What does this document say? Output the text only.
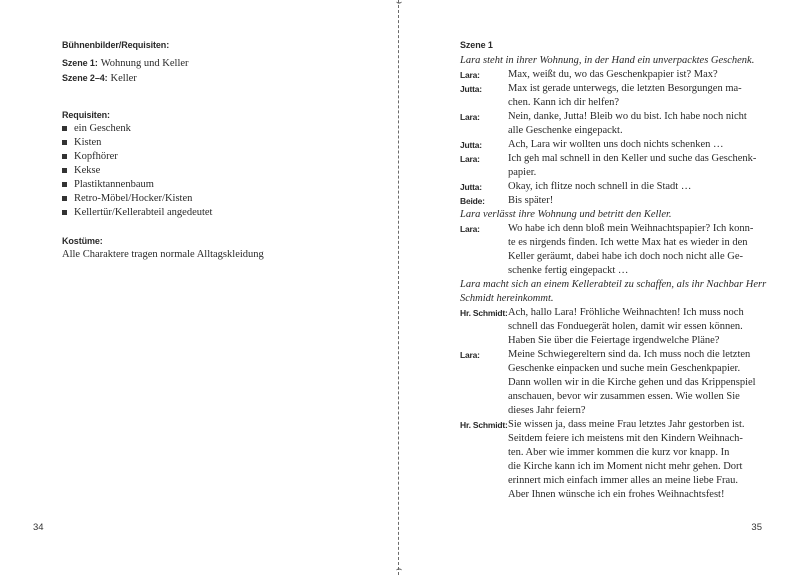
Bühnenbilder/Requisiten:
Szene 1: Wohnung und Keller
Szene 2–4: Keller
Requisiten:
ein Geschenk
Kisten
Kopfhörer
Kekse
Plastiktannenbaum
Retro-Möbel/Hocker/Kisten
Kellertür/Kellerabteil angedeutet
Kostüme:
Alle Charaktere tragen normale Alltagskleidung
34
⌣
⌢
Szene 1
Lara steht in ihrer Wohnung, in der Hand ein unverpacktes Geschenk.
Lara:	Max, weißt du, wo das Geschenkpapier ist? Max?
Jutta:	Max ist gerade unterwegs, die letzten Besorgungen ma-
chen. Kann ich dir helfen?
Lara:	Nein, danke, Jutta! Bleib wo du bist. Ich habe noch nicht
alle Geschenke eingepackt.
Jutta:	Ach, Lara wir wollten uns doch nichts schenken …
Lara:	Ich geh mal schnell in den Keller und suche das Geschenk-
papier.
Jutta:	Okay, ich flitze noch schnell in die Stadt …
Beide:	Bis später!
Lara verlässt ihre Wohnung und betritt den Keller.
Lara:	Wo habe ich denn bloß mein Weihnachtspapier? Ich konn-
te es nirgends finden. Ich wette Max hat es wieder in den
Keller geräumt, dabei habe ich doch noch nicht alle Ge-
schenke fertig eingepackt …
Lara macht sich an einem Kellerabteil zu schaffen, als ihr Nachbar Herr
Schmidt hereinkommt.
Hr. Schmidt: Ach, hallo Lara! Fröhliche Weihnachten! Ich muss noch
schnell das Fonduegerät holen, damit wir essen können.
Haben Sie über die Feiertage irgendwelche Pläne?
Lara:	Meine Schwiegereltern sind da. Ich muss noch die letzten
Geschenke einpacken und suche mein Geschenkpapier.
Dann wollen wir in die Kirche gehen und das Krippenspiel
anschauen, bevor wir zusammen essen. Wie wollen Sie
dieses Jahr feiern?
Hr. Schmidt: Sie wissen ja, dass meine Frau letztes Jahr gestorben ist.
Seitdem feiere ich meistens mit den Kindern Weihnach-
ten. Aber wie immer kommen die kurz vor knapp. In
die Kirche kann ich im Moment nicht mehr gehen. Dort
erinnert mich einfach immer alles an meine liebe Frau.
Aber Ihnen wünsche ich ein frohes Weihnachtsfest!
35
